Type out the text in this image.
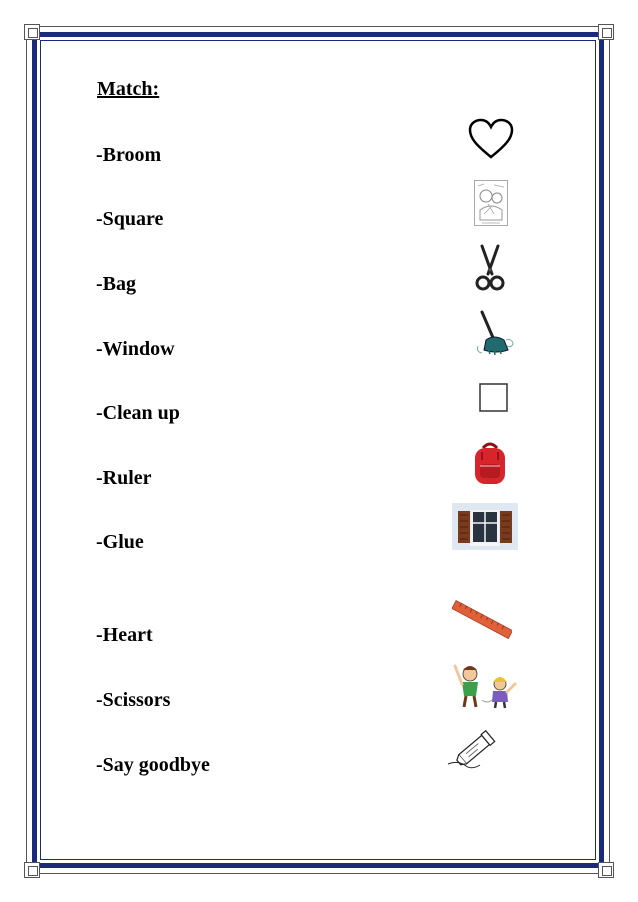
Match:
-Broom
-Square
-Bag
-Window
-Clean up
-Ruler
-Glue
-Heart
-Scissors
-Say goodbye
